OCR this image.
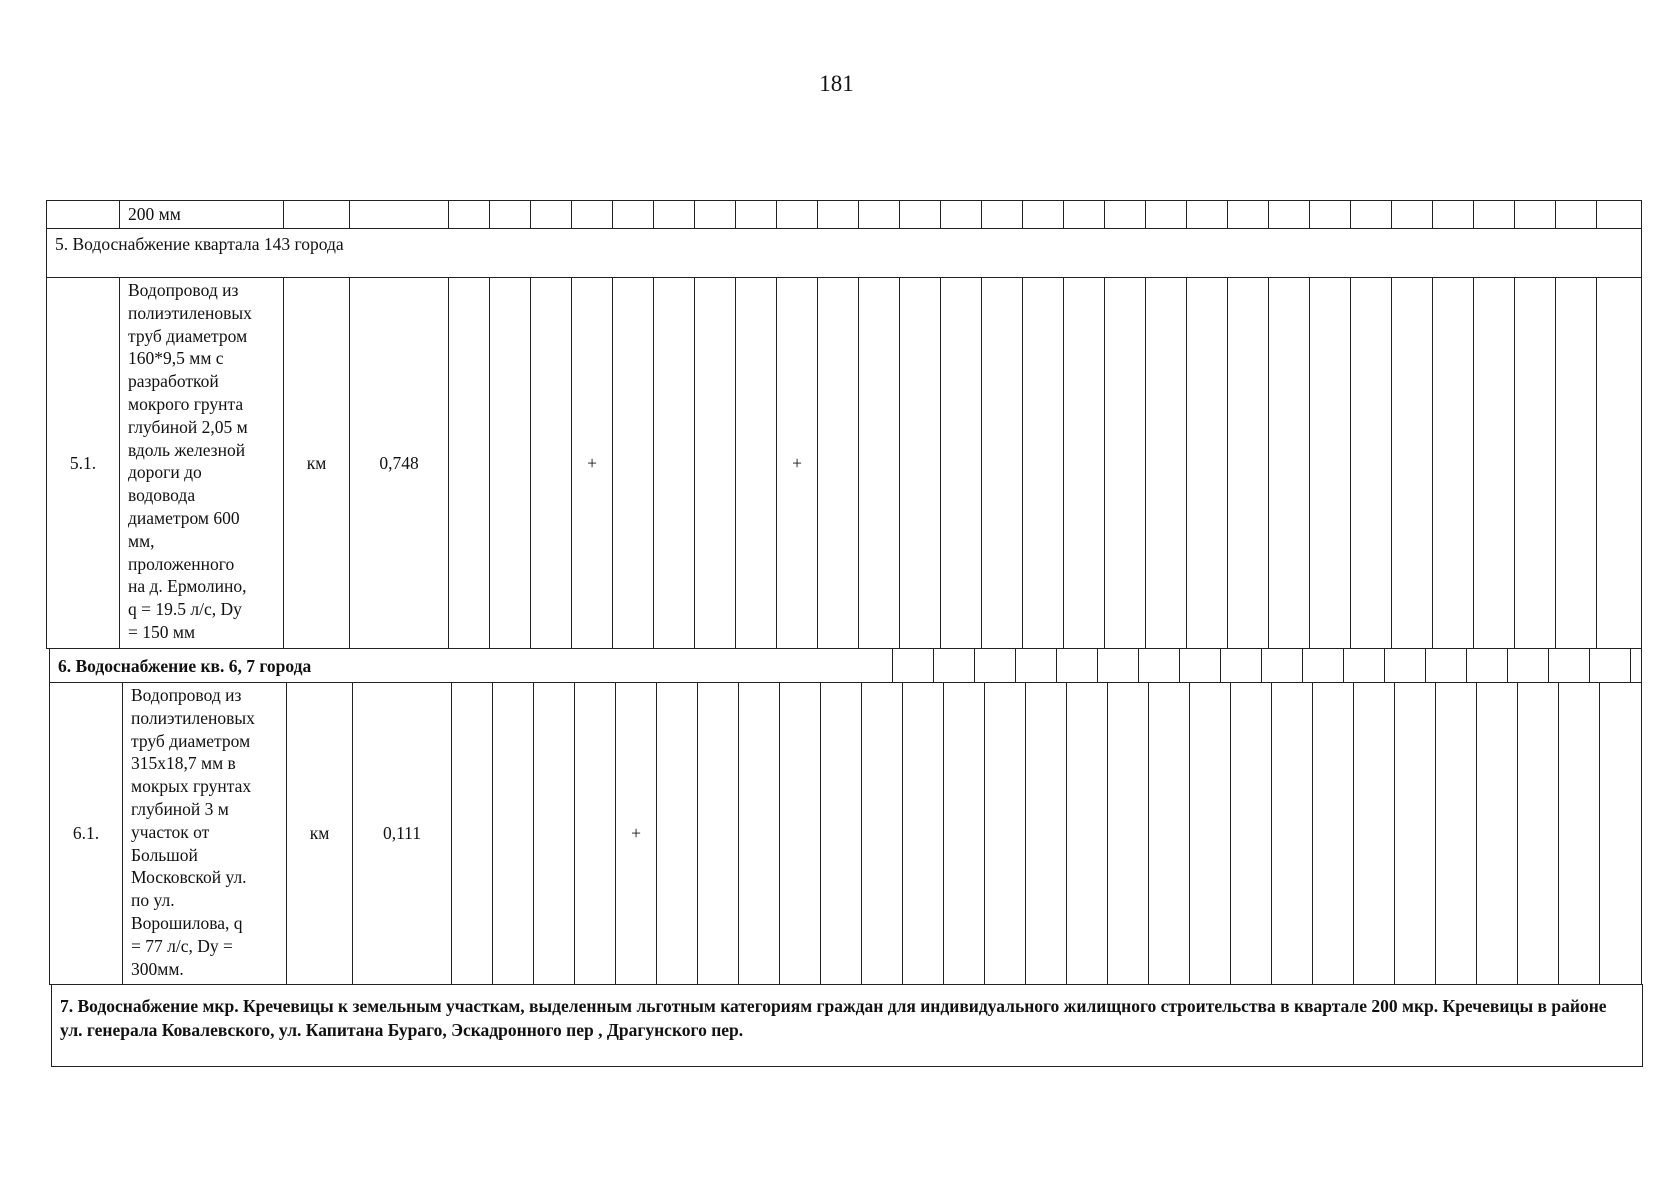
181
	200 мм																															
5. Водоснабжение квартала 143 города
5.1.	Водопровод из
полиэтиленовых
труб диаметром
160*9,5 мм с
разработкой
мокрого грунта
глубиной 2,05 м
вдоль железной
дороги до
водовода
диаметром 600
мм,
проложенного
на д. Ермолино,
q = 19.5 л/с, Dy
= 150 мм	км	0,748				+					+																				
6. Водоснабжение кв. 6, 7 города																			
6.1.	Водопровод из
полиэтиленовых
труб диаметром
315х18,7 мм в
мокрых грунтах
глубиной 3 м
участок от
Большой
Московской ул.
по ул.
Ворошилова, q
= 77 л/с, Dy =
300мм.	км	0,111					+																								
7. Водоснабжение мкр. Кречевицы к земельным участкам, выделенным льготным категориям граждан для индивидуального жилищного строительства в квартале 200 мкр. Кречевицы в районе ул. генерала Ковалевского, ул. Капитана Бураго, Эскадронного пер , Драгунского пер.
